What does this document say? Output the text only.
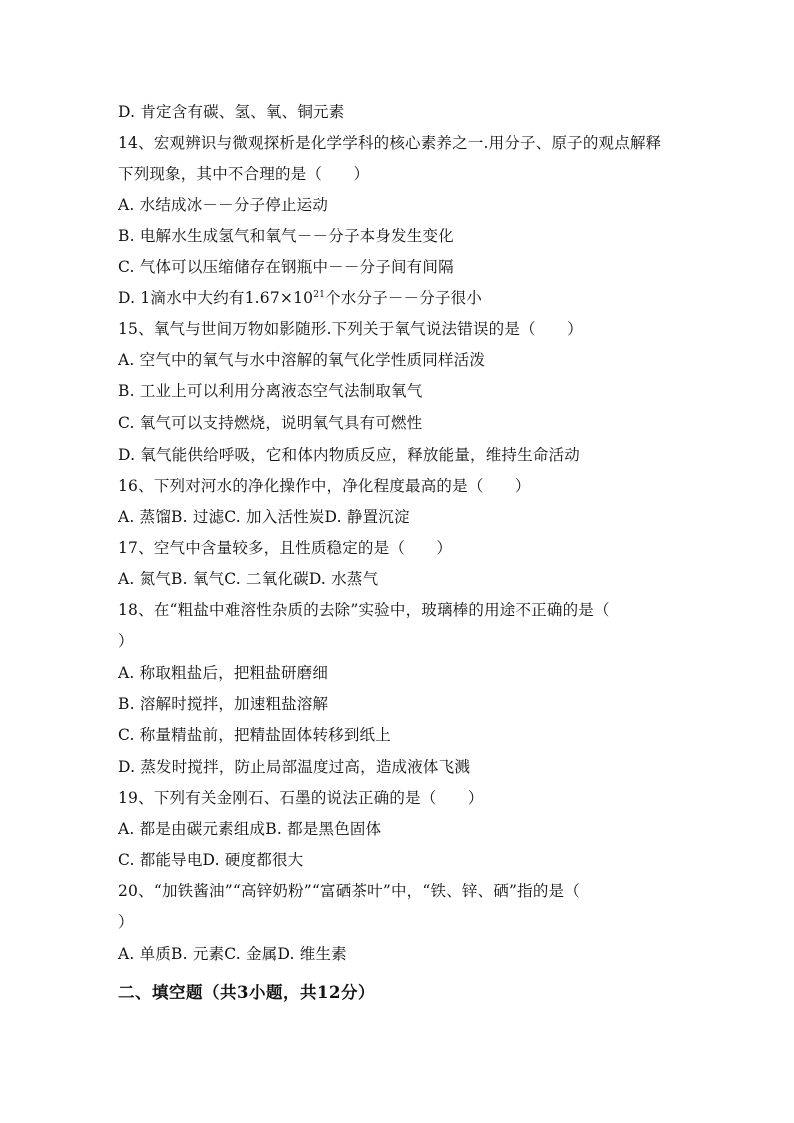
D. 肯定含有碳、氢、氧、铜元素
14、宏观辨识与微观探析是化学学科的核心素养之一.用分子、原子的观点解释
下列现象，其中不合理的是（　　）
A. 水结成冰－－分子停止运动
B. 电解水生成氢气和氧气－－分子本身发生变化
C. 气体可以压缩储存在钢瓶中－－分子间有间隔
D. 1滴水中大约有$1.67\times 10^{21}$个水分子－－分子很小
15、氧气与世间万物如影随形.下列关于氧气说法错误的是（　　）
A. 空气中的氧气与水中溶解的氧气化学性质同样活泼
B. 工业上可以利用分离液态空气法制取氧气
C. 氧气可以支持燃烧，说明氧气具有可燃性
D. 氧气能供给呼吸，它和体内物质反应，释放能量，维持生命活动
16、下列对河水的净化操作中，净化程度最高的是（　　）
A. 蒸馏B. 过滤C. 加入活性炭D. 静置沉淀
17、空气中含量较多，且性质稳定的是（　　）
A. 氮气B. 氧气C. 二氧化碳D. 水蒸气
18、在“粗盐中难溶性杂质的去除”实验中，玻璃棒的用途不正确的是（
）
A. 称取粗盐后，把粗盐研磨细
B. 溶解时搅拌，加速粗盐溶解
C. 称量精盐前，把精盐固体转移到纸上
D. 蒸发时搅拌，防止局部温度过高，造成液体飞溅
19、下列有关金刚石、石墨的说法正确的是（　　）
A. 都是由碳元素组成B. 都是黑色固体
C. 都能导电D. 硬度都很大
20、“加铁酱油”“高锌奶粉”“富硒茶叶”中，“铁、锌、硒”指的是（
）
A. 单质B. 元素C. 金属D. 维生素
二、填空题（共3小题，共12分）
